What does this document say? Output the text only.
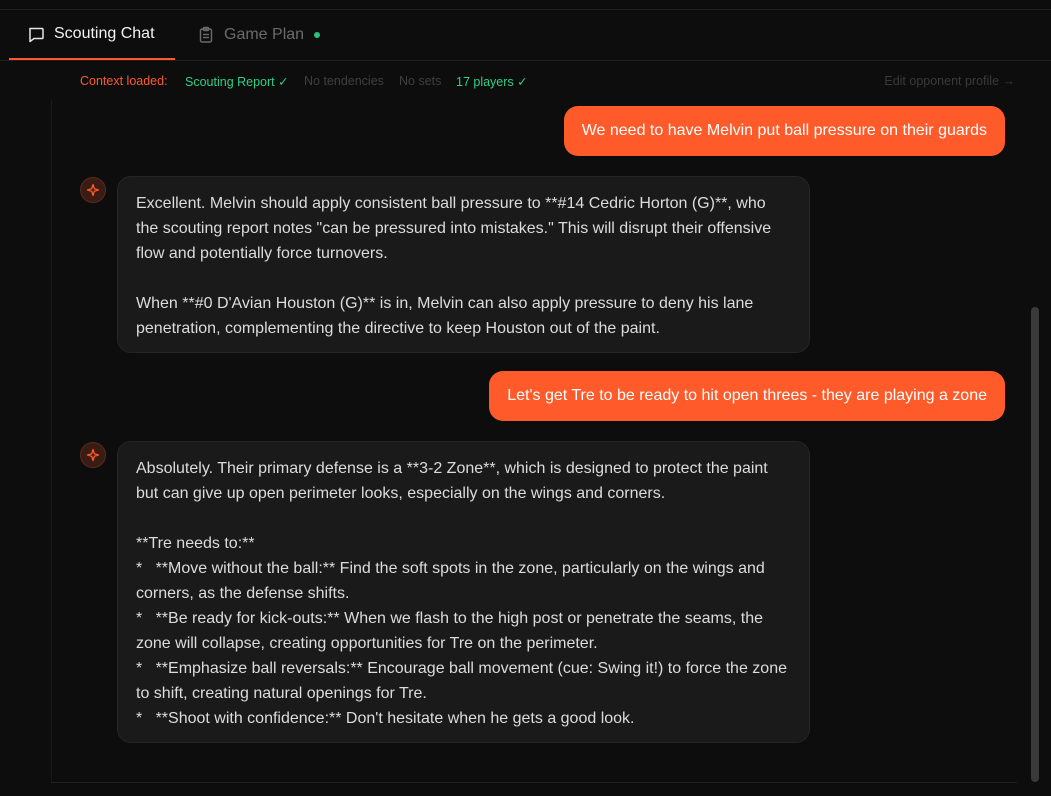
Scouting Chat	Game Plan
Context loaded: Scouting Report ✓ No tendencies No sets 17 players ✓	Edit opponent profile →
We need to have Melvin put ball pressure on their guards
Excellent. Melvin should apply consistent ball pressure to **#14 Cedric Horton (G)**, who the scouting report notes "can be pressured into mistakes." This will disrupt their offensive flow and potentially force turnovers.

When **#0 D'Avian Houston (G)** is in, Melvin can also apply pressure to deny his lane penetration, complementing the directive to keep Houston out of the paint.
Let's get Tre to be ready to hit open threes - they are playing a zone
Absolutely. Their primary defense is a **3-2 Zone**, which is designed to protect the paint but can give up open perimeter looks, especially on the wings and corners.

**Tre needs to:**
*   **Move without the ball:** Find the soft spots in the zone, particularly on the wings and corners, as the defense shifts.
*   **Be ready for kick-outs:** When we flash to the high post or penetrate the seams, the zone will collapse, creating opportunities for Tre on the perimeter.
*   **Emphasize ball reversals:** Encourage ball movement (cue: Swing it!) to force the zone to shift, creating natural openings for Tre.
*   **Shoot with confidence:** Don't hesitate when he gets a good look.
